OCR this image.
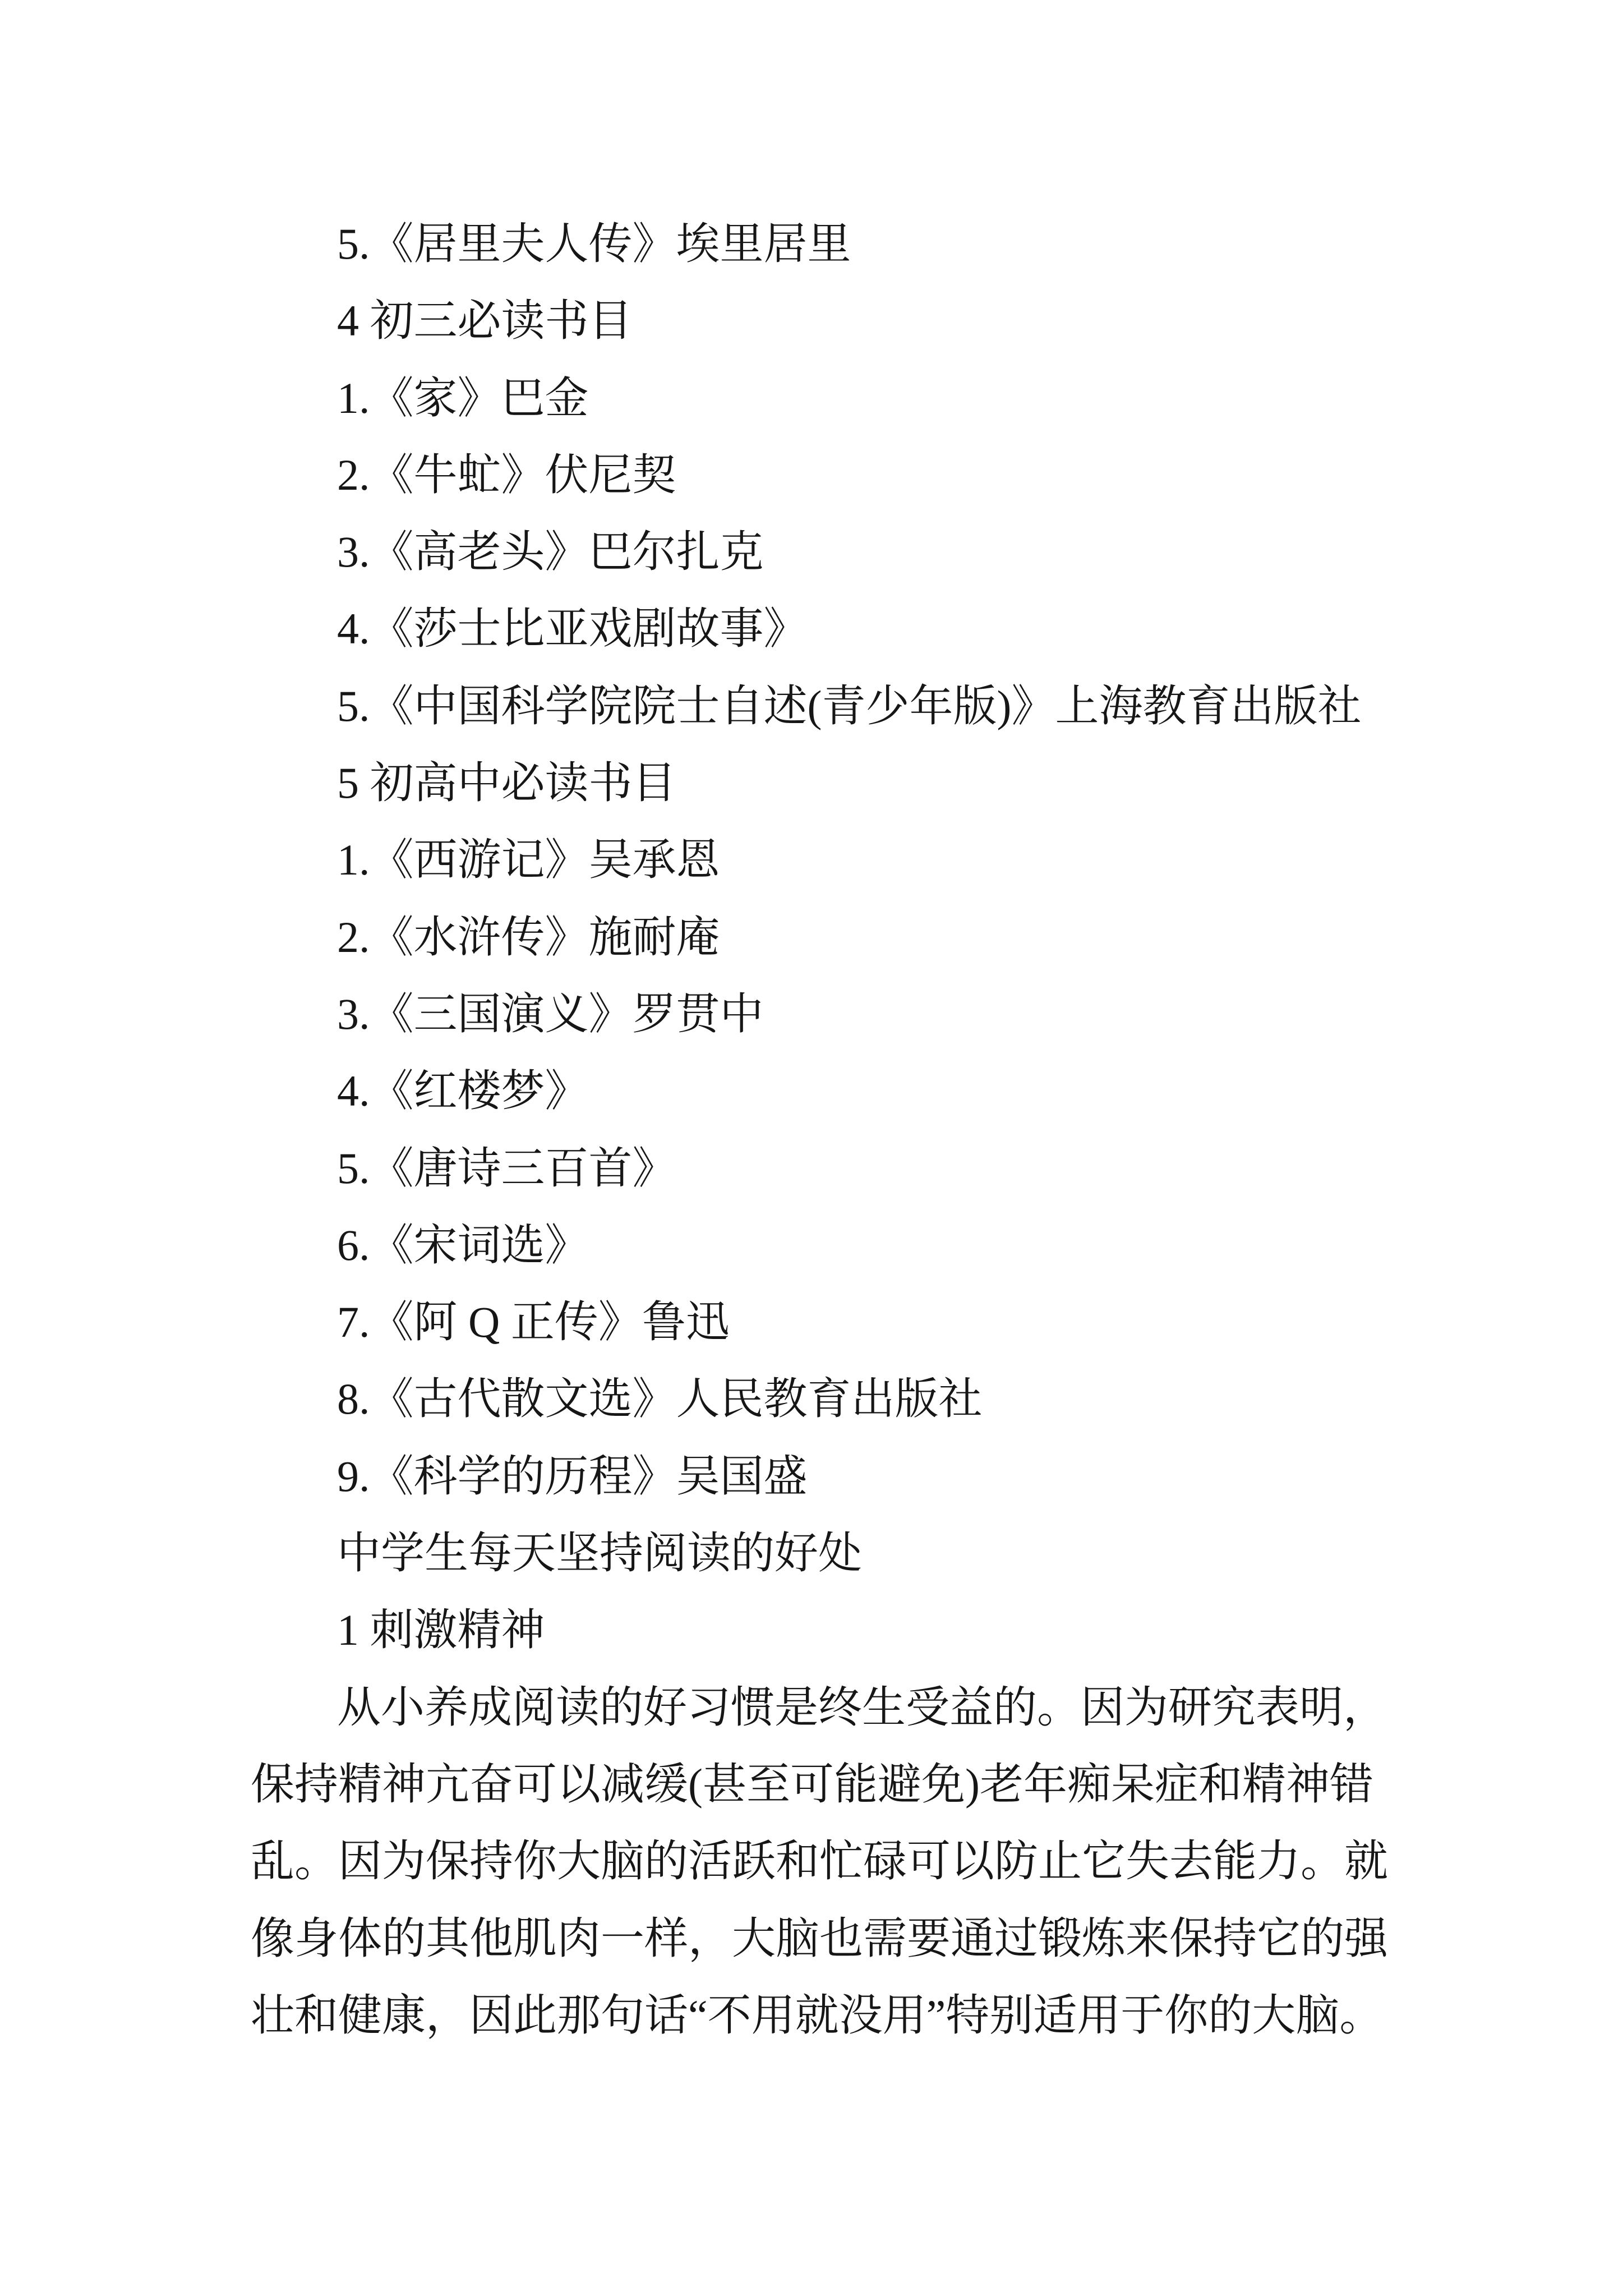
5.《居里夫人传》埃里居里
4 初三必读书目
1.《家》巴金
2.《牛虻》伏尼契
3.《高老头》巴尔扎克
4.《莎士比亚戏剧故事》
5.《中国科学院院士自述(青少年版)》上海教育出版社
5 初高中必读书目
1.《西游记》吴承恩
2.《水浒传》施耐庵
3.《三国演义》罗贯中
4.《红楼梦》
5.《唐诗三百首》
6.《宋词选》
7.《阿 Q 正传》鲁迅
8.《古代散文选》人民教育出版社
9.《科学的历程》吴国盛
中学生每天坚持阅读的好处
1 刺激精神
从小养成阅读的好习惯是终生受益的。因为研究表明，
保持精神亢奋可以减缓(甚至可能避免)老年痴呆症和精神错
乱。因为保持你大脑的活跃和忙碌可以防止它失去能力。就
像身体的其他肌肉一样，大脑也需要通过锻炼来保持它的强
壮和健康，因此那句话“不用就没用”特别适用于你的大脑。
